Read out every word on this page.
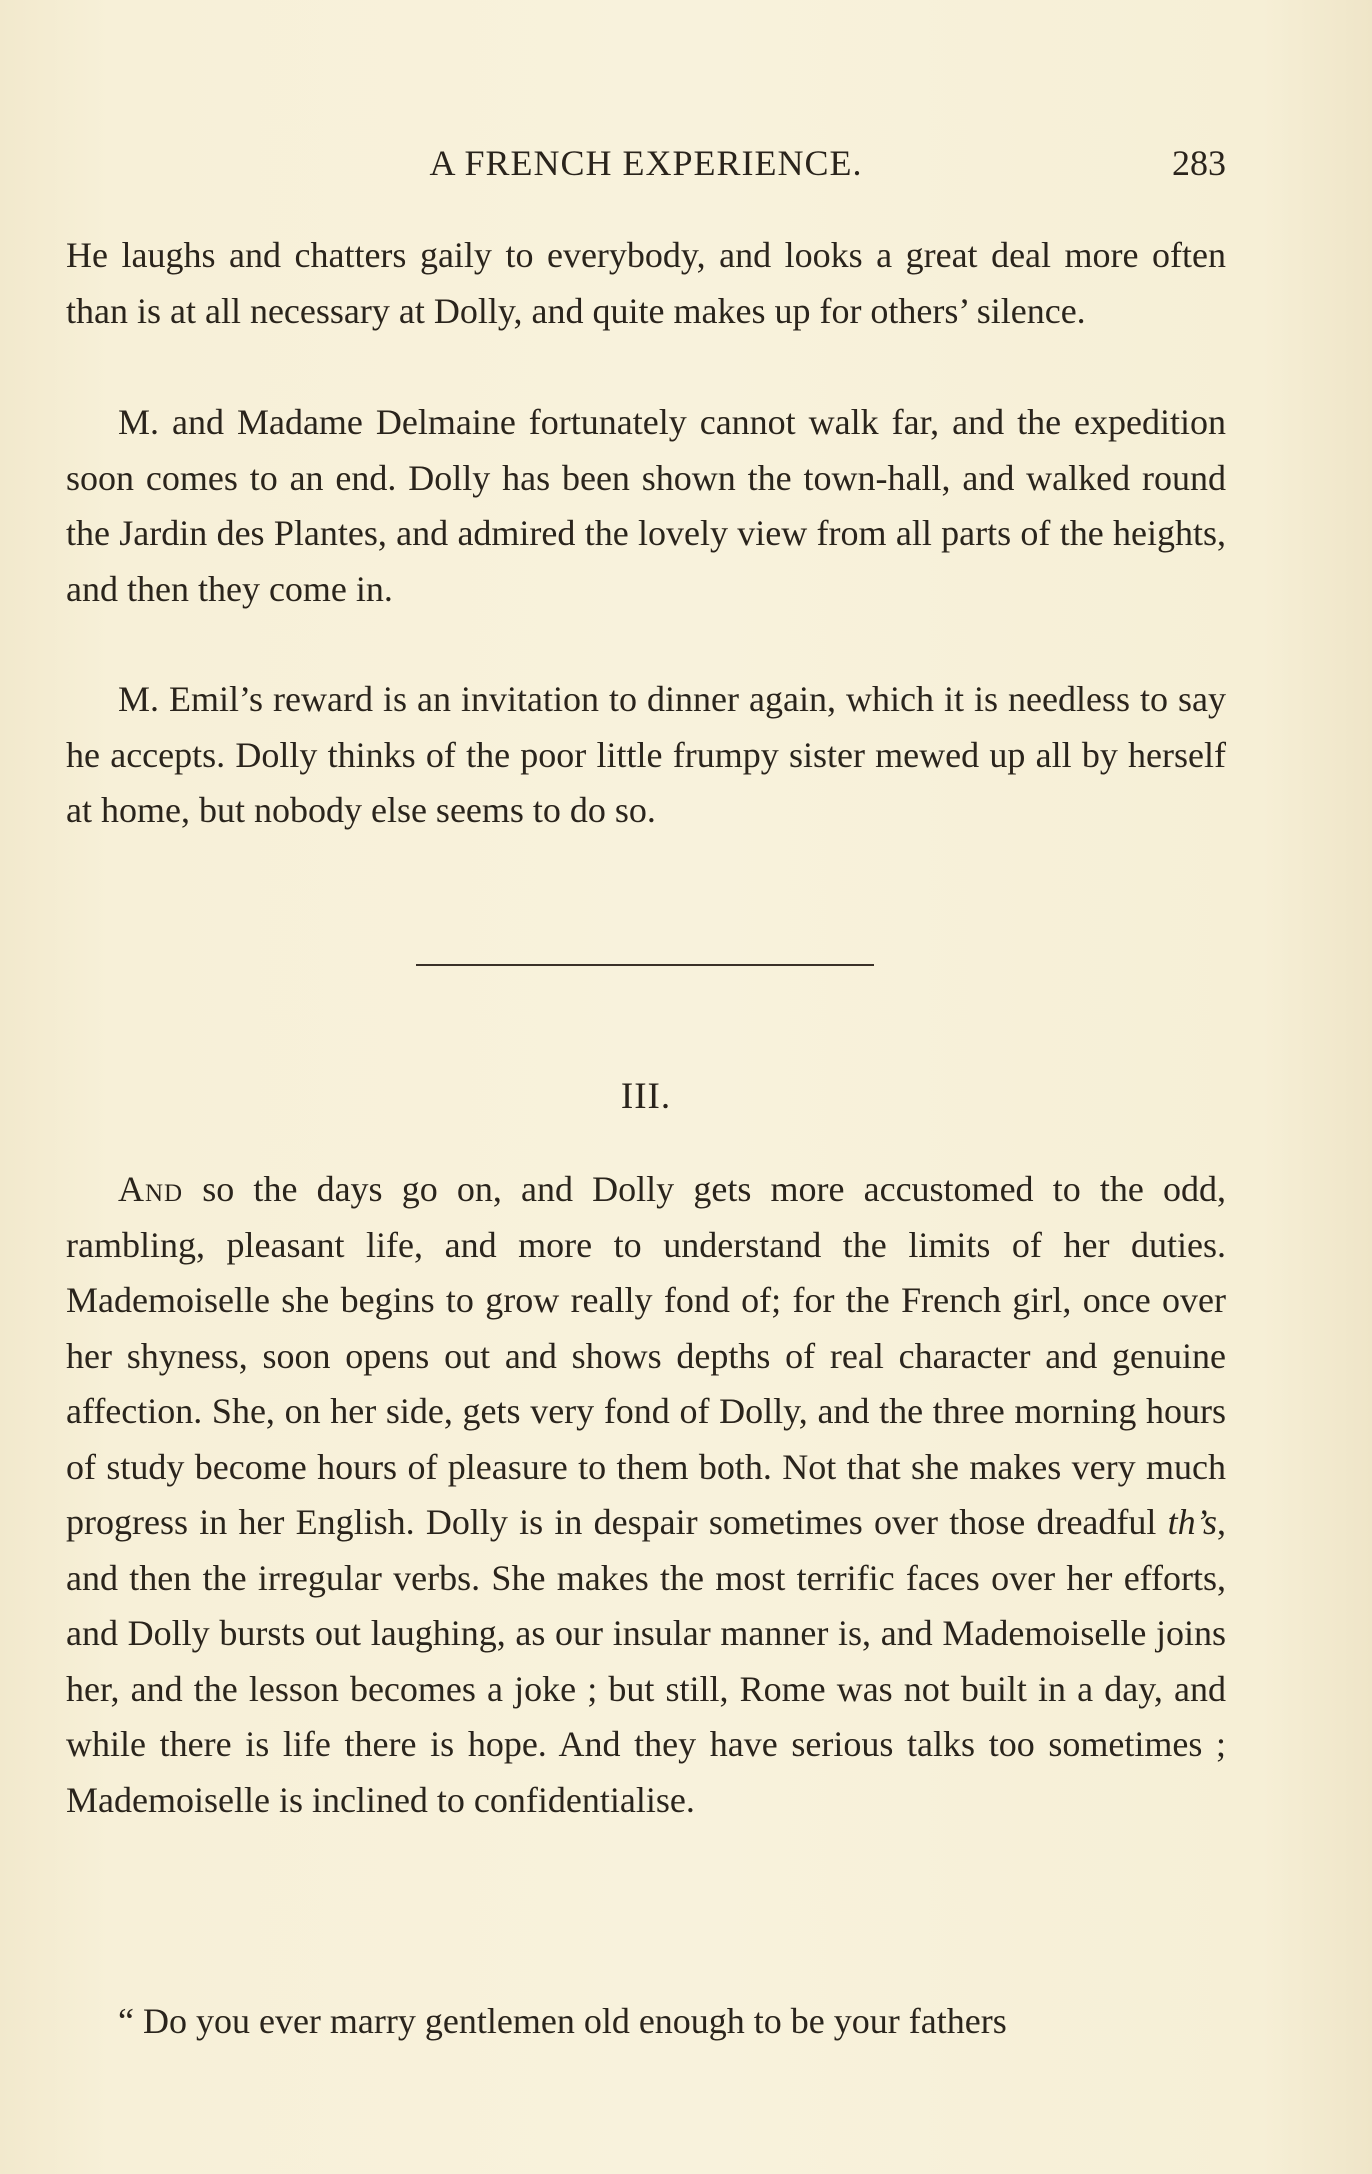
A FRENCH EXPERIENCE.	283

He laughs and chatters gaily to everybody, and looks a great deal more often than is at all necessary at Dolly, and quite makes up for others’ silence.

M. and Madame Delmaine fortunately cannot walk far, and the expedition soon comes to an end. Dolly has been shown the town-hall, and walked round the Jardin des Plantes, and admired the lovely view from all parts of the heights, and then they come in.

M. Emil’s reward is an invitation to dinner again, which it is needless to say he accepts. Dolly thinks of the poor little frumpy sister mewed up all by herself at home, but nobody else seems to do so.

III.

And so the days go on, and Dolly gets more accustomed to the odd, rambling, pleasant life, and more to understand the limits of her duties. Mademoiselle she begins to grow really fond of; for the French girl, once over her shyness, soon opens out and shows depths of real character and genuine affection. She, on her side, gets very fond of Dolly, and the three morning hours of study become hours of pleasure to them both. Not that she makes very much progress in her English. Dolly is in despair sometimes over those dreadful th’s, and then the irregular verbs. She makes the most terrific faces over her efforts, and Dolly bursts out laughing, as our insular manner is, and Mademoiselle joins her, and the lesson becomes a joke ; but still, Rome was not built in a day, and while there is life there is hope. And they have serious talks too sometimes ; Mademoiselle is inclined to confidentialise.

“ Do you ever marry gentlemen old enough to be your fathers
